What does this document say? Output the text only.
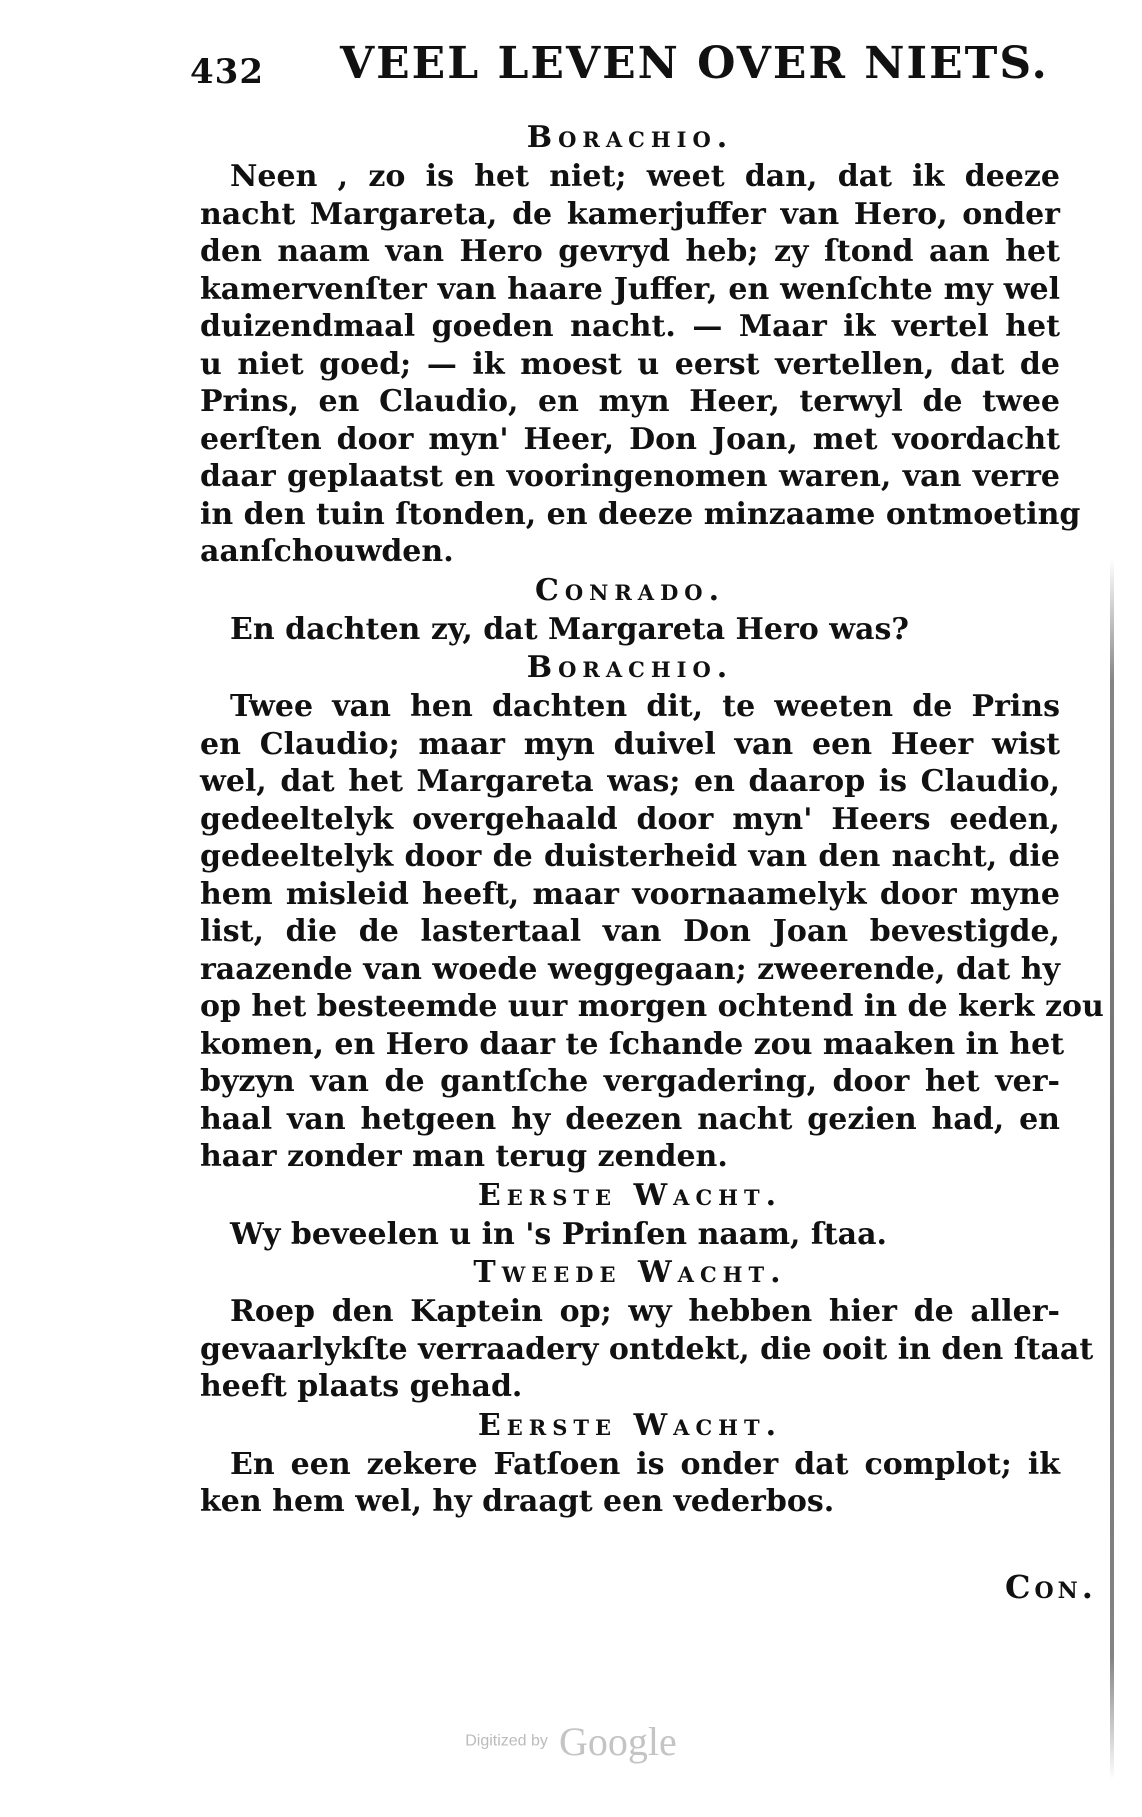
432 VEEL LEVEN OVER NIETS.
Borachio.
Neen , zo is het niet; weet dan, dat ik deeze
nacht Margareta, de kamerjuffer van Hero, onder
den naam van Hero gevryd heb; zy ſtond aan het
kamervenſter van haare Juffer, en wenſchte my wel
duizendmaal goeden nacht. — Maar ik vertel het
u niet goed; — ik moest u eerst vertellen, dat de
Prins, en Claudio, en myn Heer, terwyl de twee
eerſten door myn' Heer, Don Joan, met voordacht
daar geplaatst en vooringenomen waren, van verre
in den tuin ſtonden, en deeze minzaame ontmoeting
aanſchouwden.
Conrado.
En dachten zy, dat Margareta Hero was?
Borachio.
Twee van hen dachten dit, te weeten de Prins
en Claudio; maar myn duivel van een Heer wist
wel, dat het Margareta was; en daarop is Claudio,
gedeeltelyk overgehaald door myn' Heers eeden,
gedeeltelyk door de duisterheid van den nacht, die
hem misleid heeft, maar voornaamelyk door myne
list, die de lastertaal van Don Joan bevestigde,
raazende van woede weggegaan; zweerende, dat hy
op het besteemde uur morgen ochtend in de kerk zou
komen, en Hero daar te ſchande zou maaken in het
byzyn van de gantſche vergadering, door het ver-
haal van hetgeen hy deezen nacht gezien had, en
haar zonder man terug zenden.
Eerste Wacht.
Wy beveelen u in 's Prinſen naam, ſtaa.
Tweede Wacht.
Roep den Kaptein op; wy hebben hier de aller-
gevaarlykſte verraadery ontdekt, die ooit in den ſtaat
heeft plaats gehad.
Eerste Wacht.
En een zekere Fatſoen is onder dat complot; ik
ken hem wel, hy draagt een vederbos.
Con.
Digitized by Google
